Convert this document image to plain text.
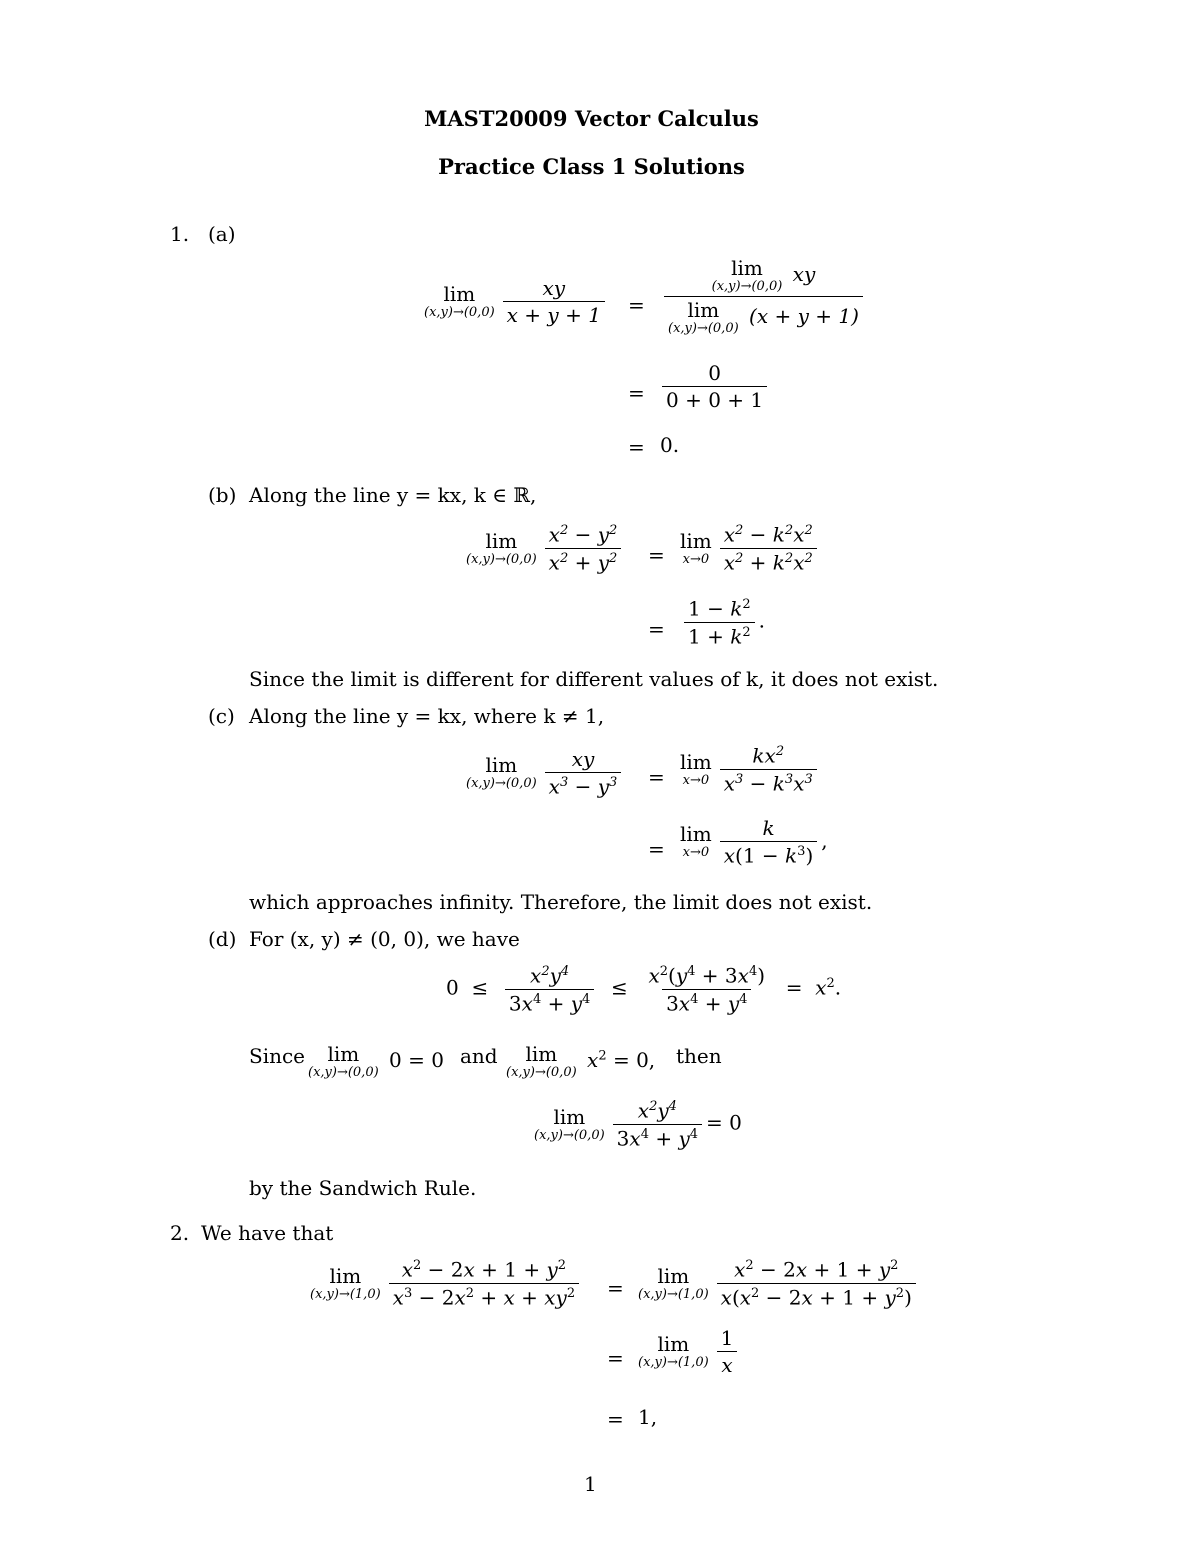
MAST20009 Vector Calculus
Practice Class 1 Solutions
1. (a)
lim
$(x,y)\to(0,0) \frac{xy}{x + y + 1} = \lim$
(x,y)→(0,0)
xy
lim
(x,y)→(0,0)
(x + y + 1)
= $\frac{0}{0 + 0 + 1}$
= 0.
(b) Along the line y = kx, k ∈ ℝ,
lim
$(x,y)\to(0,0) \frac{x^2 - y^2}{x^2 + y^2}$ =
lim
$x\to 0 \frac{x^2 - k^2x^2}{x^2 + k^2x^2}$
= $\frac{1 - k^2}{1 + k^2}$ .
Since the limit is different for different values of k, it does not exist.
(c) Along the line y = kx, where k ≠ 1,
lim
$(x,y)\to(0,0) \frac{xy}{x^3 - y^3}$ =
lim
$x\to 0 \frac{kx^2}{x^3 - k^3x^3}$
=
lim
$x\to 0 \frac{k}{x(1 - k^3)}$ ,
which approaches infinity. Therefore, the limit does not exist.
(d) For (x, y) ≠ (0, 0), we have
$0 \le \frac{x^2y^4}{3x^4 + y^4} \le \frac{x^2(y^4 + 3x^4)}{3x^4 + y^4} = x^2$.
Since lim
(x,y)→(0,0)
0 = 0 and lim
(x,y)→(0,0)
$x^2 = 0$, then
lim
$(x,y)\to(0,0) \frac{x^2y^4}{3x^4 + y^4} = 0$
by the Sandwich Rule.
2. We have that
lim
$(x,y)\to(1,0) \frac{x^2 - 2x + 1 + y^2}{x^3 - 2x^2 + x + xy^2}$ =
lim
$(x,y)\to(1,0) \frac{x^2 - 2x + 1 + y^2}{x(x^2 - 2x + 1 + y^2)}$
=
lim
$(x,y)\to(1,0) \frac{1}{x}$
= 1,
1
